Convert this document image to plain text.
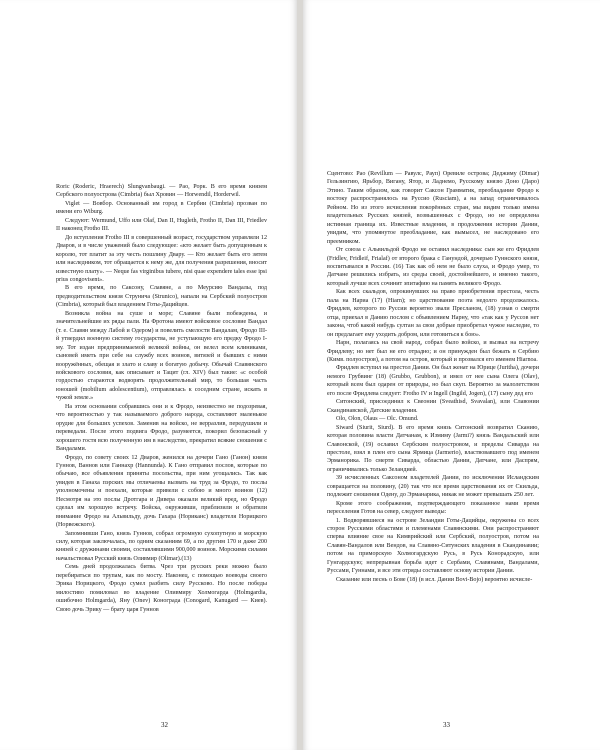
Roric (Roderic, Hraerech) Slungvanbaugi. — Рао, Рорк. В его время князем Сербского полуострова (Cimbria) был Хровин — Horwendil, Horderwil.

Viglet — Вовбор. Основанный им город в Сербии (Cimbria) прозван по имени его Wiburg.

Следуют: Wermund, Uffo или Olaf, Dan II, Hugleth, Frotho II, Dan III, Friedlev II наконец Frotho III.

До вступления Frotho III в совершенный возраст, государством управляли 12 Дваров, и в числе уважений было следующее: «кто желает быть допущенным к королю, тот платит за эту честь пошлину Двару. — Кто желает быть его зятем или наследником, тот обращается к нему же, для получения разрешения, вносит известную плату». — Neque fas virginibus tubere, nisi quae expendere tales esse ipsi prius congovisent».

В его время, по Саксону, Славяне, а по Меурсию Вандалы, под предводительством князя Струнича (Strunico), напали на Сербский полуостров (Cimbria), который был владением Готы-Дацийцев.

Возникла война на суше и море; Славяне были побеждены, и значительнейшие их ряды пали. На Фротона имеют войсковое сословие Вандал (т. е. Славян между Лабой и Одером) и повелить смелости Вандалам, Фродо III-й утвердил военную систему государства, не уступающую его предку Фродо I-му. Тот издан предпринимаемой великой войны, он велел всем клиниками, сыновей иметь при себе на службу всех воинов, витязей и бывших с ними вооружённых, обещая и злато и славу и богатую добычу. Обычай Славянского войскового сословия, как описывает и Тацит (гл. XIV) был такие: «с особой гордостью стараются водворять продолжительный мир, то большая часть юношей (mobilium adolescentium), отправлялась к соседним стране, искать в чужой земле.»

На этом основании собравшись они и к Фродо, неизвестно не подозревая, что вероятностью у так называемого доброго народа, составляют маленькое орудие для больших успехов. Заменив на войско, не верразлив, передушили и переведали. После этого подвига Фродо, разумеется, покорил безопасный у хорошего гостя всю полученную им в наследство, прекратил всякие сношения с Вандалами.

Фродо, по совету своих 12 Дваров, женился на дочери Гано (Ганон) князя Гуннов, Ваннов или Ганнахр (Hannunda). К Гано отправил послов, которые по обычаю, все объявления приняты посольства, при ним угощались. Так как увидев в Ганаха пэрских мы отличаемы вызвать на труд за Фродо, то послы уполномочены и поехали, которые привели с собою и много воинов (12) Несмотря на это послы Дротгара и Дивера оказали великий вред, но Фродо сделал им хорошую встречу. Войска, окруживши, приблизили и обратили внимание Фродо на Альвильду, дочь Гахара (Нориканс) владетеля Норицкого (Норвежского).

Запомнивши Гано, князь Гуннов, собрал огромную сухопутную и морскую силу, которая заключалась, по одним сказаниям 69, а по другим 170 и даже 200 князей с дружинами своими, составлявшими 900,000 воинов. Морскими силами начальствовал Русский князь Оливмир (Olimar).(13)

Семь дней продолжалась битва. Чрез три русских реки можно было перебираться по трупам, как по мосту. Наконец, с помощью воеводы своего Эрика Норицкого, Фродо сумел разбить силу Руссково. Но после победы милостиво помиловал во владение Оливмиру Холмогарда (Holmgardia, ошибочно Holmgarda), Яну (Onev) Конограда (Conogard, Kanugard — Киев). Свою дочь Эрику — брату царя Гуннов

32

Сцентово: Рао (Revillum — Равулс, Рауп) Оревиле острова; Деджиму (Dimar) Гельзингию, Ярьбор, Вигану, Ятор, и Ладнемо, Русскому князю Доно (Даро) Этино. Таким образом, как говорит Саксон Грамматик, преобладание Фродо к востоку распространялось на Руссио (Rusciam), а на запад ограничивалось Рейном. Но из этого исчисления покорённых стран, мы видим только имена владетельных Русских князей, возвышенных с Фродо, но не определена истинная граница их. Известные владения, в продолжения истории Дании, увидим, что упомянутое преобладание, как вымысел, не наследовано его преемником.

От союза с Альвильдой Фродо не оставил наследника: сын же его Фридлев (Fridlev, Fridleif, Frialaf) от второго брака с Ганундой, дочерью Гуннского князя, воспитывался в России. (16) Так как об нем не было слуха, и Фродо умер, то Датчане решились избрать, из среды своей, достойнейшего, и именно такого, который лучше всех сочинит эпитафию на память великого Фродо.

Как всех скальдов, опрокинувших на право приобретения престола, честь пала на Нариа (17) (Hiarn); но царствование поэта недолго продолжалось. Фридлев, которого по Руссии вероятно звали Пресланом, (18) узнав о смерти отца, приехал в Данию послом с объявлением Нарну, что «так как у Руссов нет закона, чтоб какой нибудь султан за свои добрые приобретал чужое наследие, то он предлагает ему уходить добром, или готовиться к бою».

Нарн, полагаясь на свой народ, собрал было войско, и вызвал на встречу Фридлеву; но нет был не его отрадно; и он принужден был бежать в Сербию (Кимв. полуостров), а потом на остров, который и прозвался его именем Hiarnoa.

Фридлев вступил на престол Дании. Он был женат на Юрице (Juritha), дочери немого Грубвинг (18) (Grubbo, Grubbon), и имел от нее сына Олега (Olav), который всем был одарен от природы, но был скуп. Вероятно за малолетством его после Фридлева следует: Frotho IV и Ingell (Ingild, Jogen), (17) сыну дед его

Ситонский, присоединил к Свеонии (Sveathisd, Svavalan), или Славонии Скандинавской, Датские владения.

Olo, Olon, Olaus — Olc. Omund.

Siward (Siurit, Siurd). В его время князь Ситонский возвратил Сканию, которая половина власти Датчанам, к Измиму (Jarmi?) князь Вандальский или Славонской, (19) ославил Сербским полуостровом, и пределы Сиварда на престоле, взял в плен его сына Ярмица (Jarmerio), властвовавшего под именем Эрманорика. По смерти Сиварда, областью Дании, Датчане, или Даспрям, ограничивались только Зеландией.

39 исчисленных Саксоном владетелей Дании, по исключении Исландским совращается на половину, (20) так что все время царствования их от Скильда, подлежит сношения Одену, до Эрманарика, никак не может превышать 250 лет.

Кроме этого соображения, подтверждающего показанное нами время переселения Готов на север, следуют выводы:

1. Водворявшиеся на острове Зеландии Готы-Дацийцы, окружены со всех сторон Русскими областями и племенами Славянскими. Они распространяют сперва влияние свое на Кимврийский или Сербский, полуостров, потом на Славян-Вандалов или Вендов, на Славяно-Ситунских владения в Скандинавии; потом на приморскую Холмогардскую Русь, в Русь Конорадскую, или Гунгардскую; непрерывная борьба идет с Сербами, Славянами, Вандалами, Руссами, Гуннами, и все эти отряды составляют основу истории Дании.

Сказание или песнь о Бове (18) (в исл. Дании Bovi-Bojo) вероятно исчисле-

33
